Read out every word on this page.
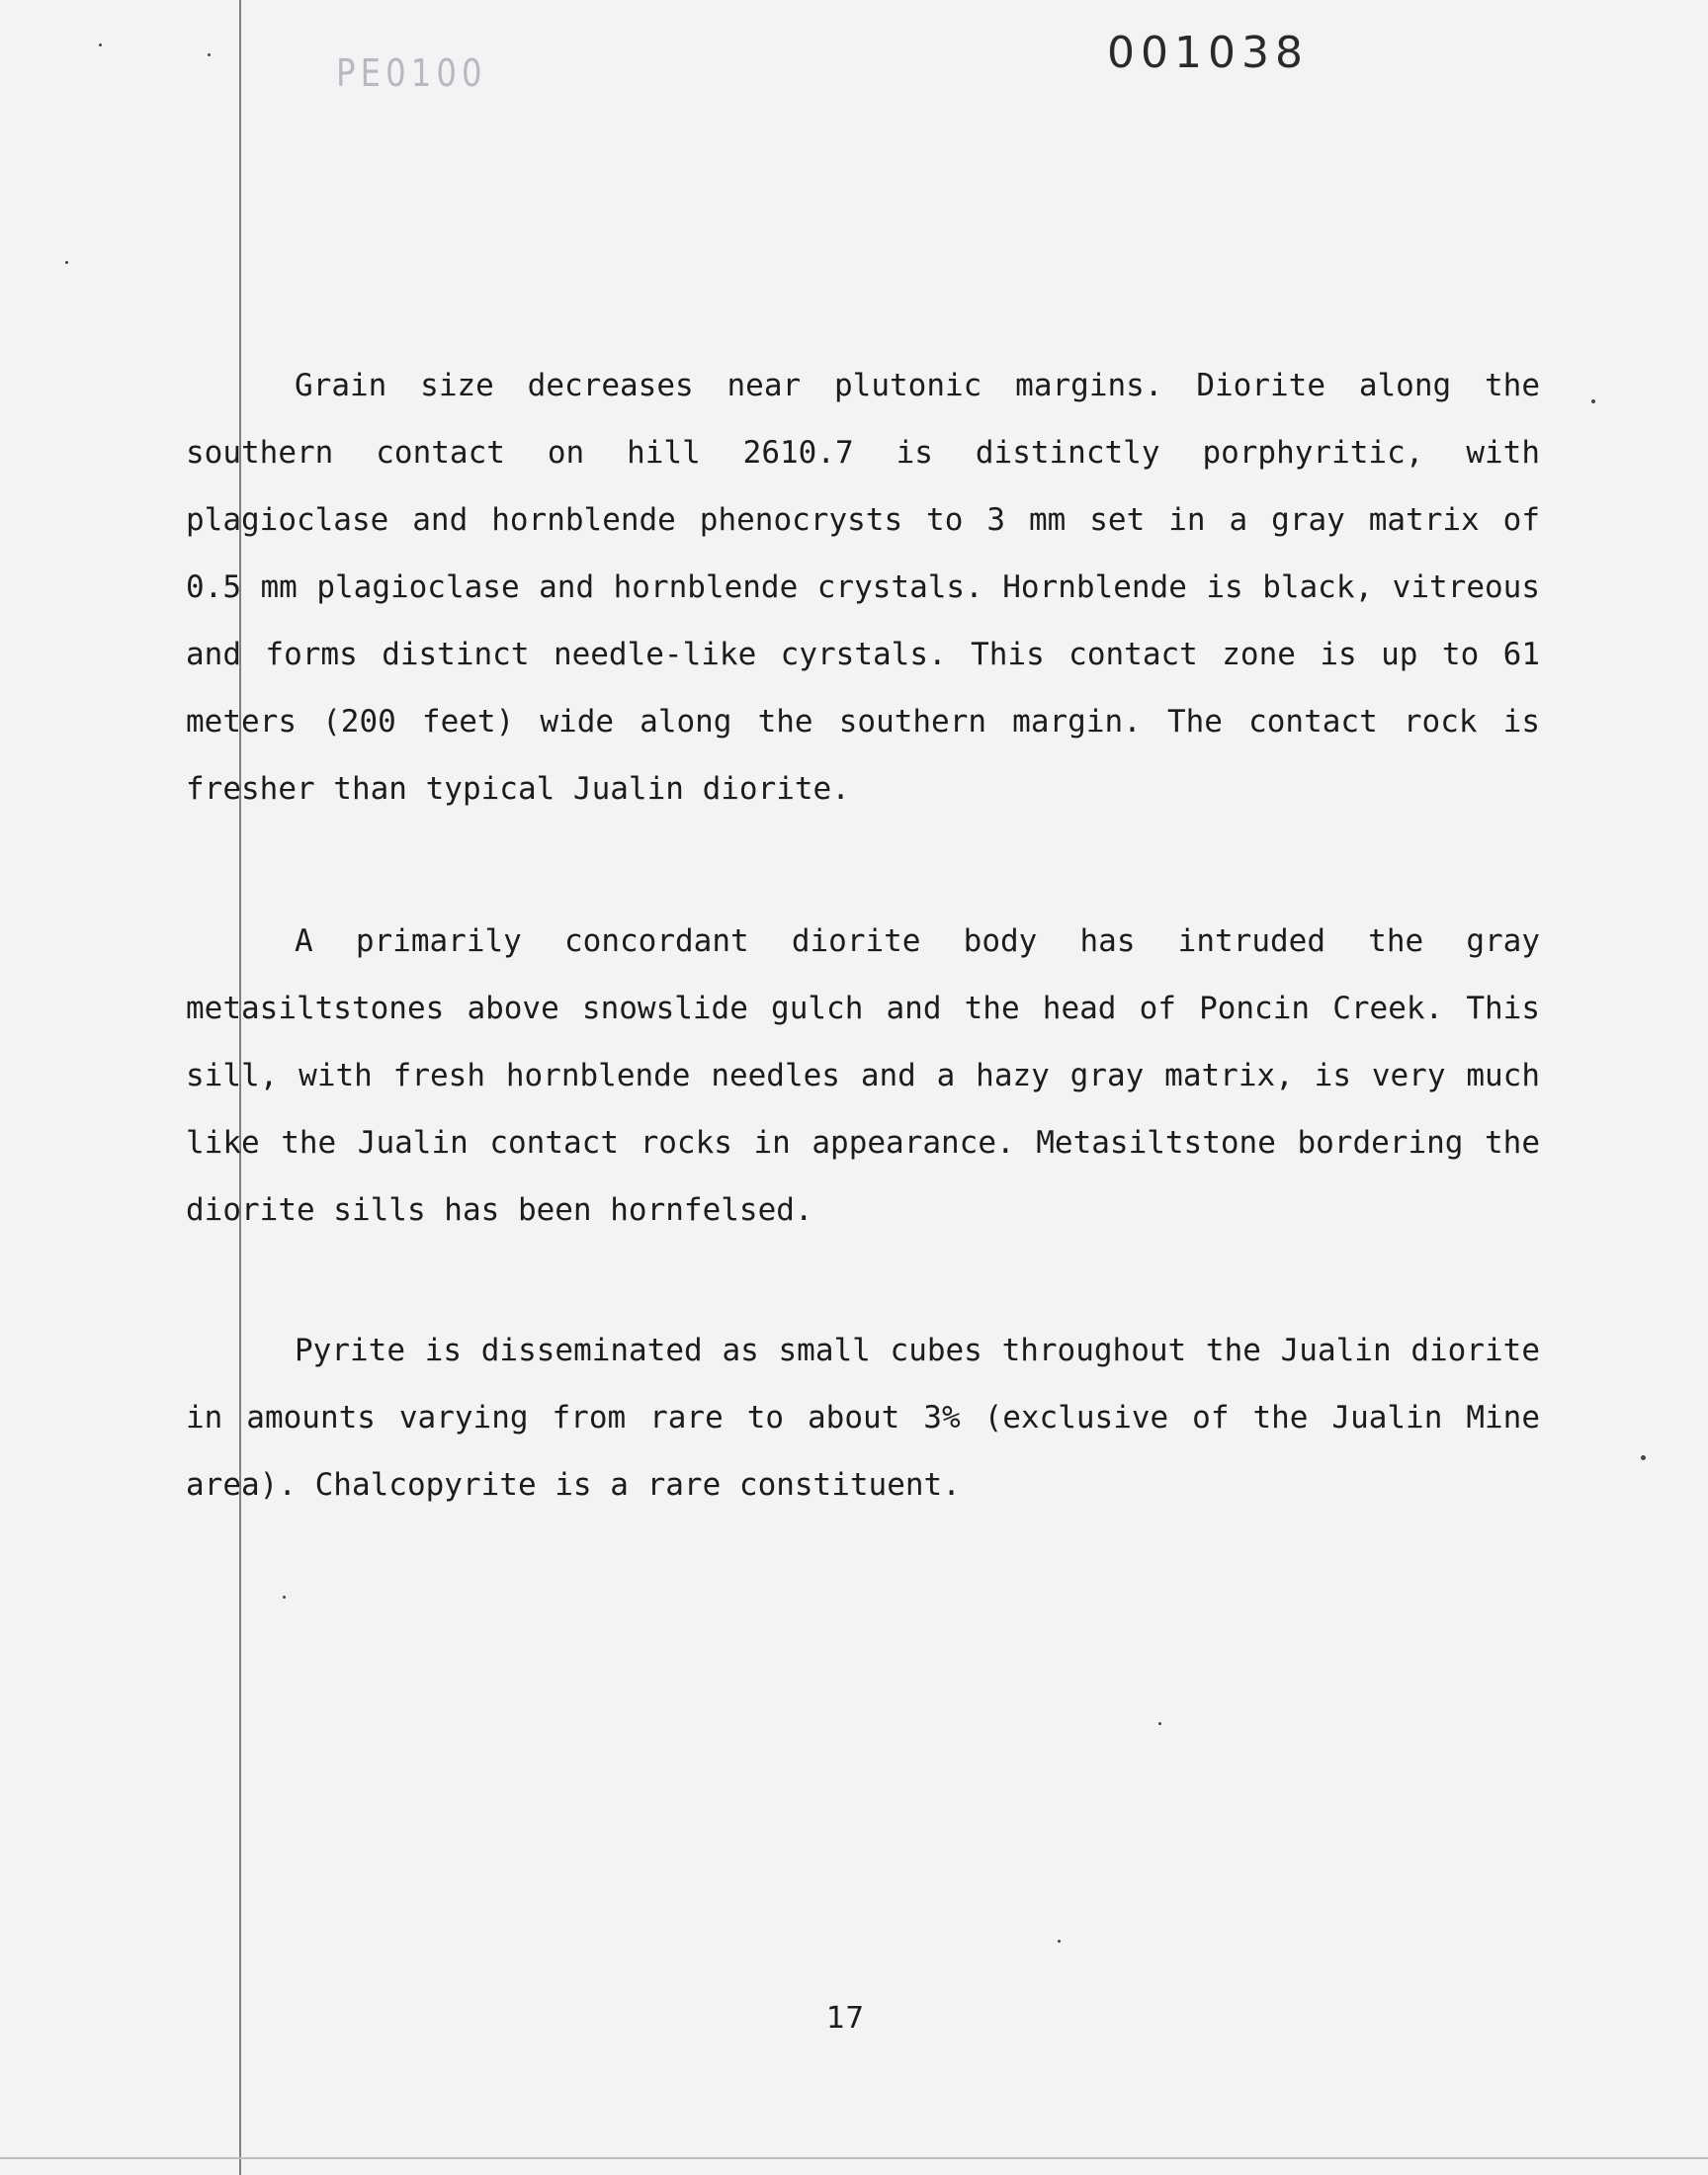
PE0100	001038

Grain size decreases near plutonic margins. Diorite along the southern contact on hill 2610.7 is distinctly porphyritic, with plagioclase and hornblende phenocrysts to 3 mm set in a gray matrix of 0.5 mm plagioclase and hornblende crystals. Hornblende is black, vitreous and forms distinct needle-like cyrstals. This contact zone is up to 61 meters (200 feet) wide along the southern margin. The contact rock is fresher than typical Jualin diorite.

A primarily concordant diorite body has intruded the gray metasiltstones above snowslide gulch and the head of Poncin Creek. This sill, with fresh hornblende needles and a hazy gray matrix, is very much like the Jualin contact rocks in appearance. Metasiltstone bordering the diorite sills has been hornfelsed.

Pyrite is disseminated as small cubes throughout the Jualin diorite in amounts varying from rare to about 3% (exclusive of the Jualin Mine area). Chalcopyrite is a rare constituent.

17
